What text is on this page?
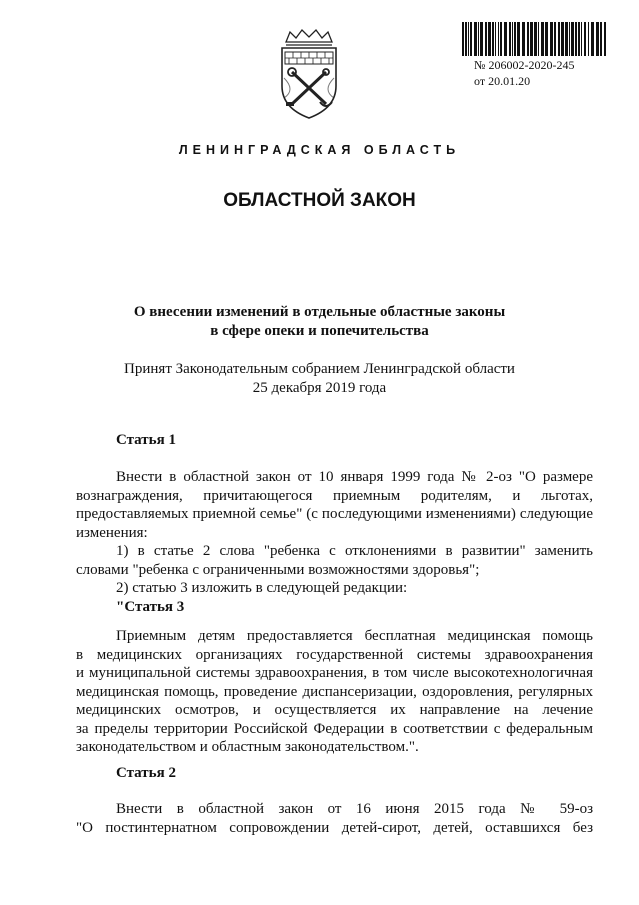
№ 206002-2020-245
от 20.01.20
ЛЕНИНГРАДСКАЯ ОБЛАСТЬ
ОБЛАСТНОЙ ЗАКОН
О внесении изменений в отдельные областные законы
в сфере опеки и попечительства
Принят Законодательным собранием Ленинградской области
25 декабря 2019 года
Статья 1
Внести в областной закон от 10 января 1999 года № 2-оз "О размере
вознаграждения, причитающегося приемным родителям, и льготах,
предоставляемых приемной семье" (с последующими изменениями) следующие
изменения:
1) в статье 2 слова "ребенка с отклонениями в развитии" заменить
словами "ребенка с ограниченными возможностями здоровья";
2) статью 3 изложить в следующей редакции:
"Статья 3
Приемным детям предоставляется бесплатная медицинская помощь
в медицинских организациях государственной системы здравоохранения
и муниципальной системы здравоохранения, в том числе высокотехнологичная
медицинская помощь, проведение диспансеризации, оздоровления, регулярных
медицинских осмотров, и осуществляется их направление на лечение
за пределы территории Российской Федерации в соответствии с федеральным
законодательством и областным законодательством.".
Статья 2
Внести в областной закон от 16 июня 2015 года № 59-оз
"О постинтернатном сопровождении детей-сирот, детей, оставшихся без
